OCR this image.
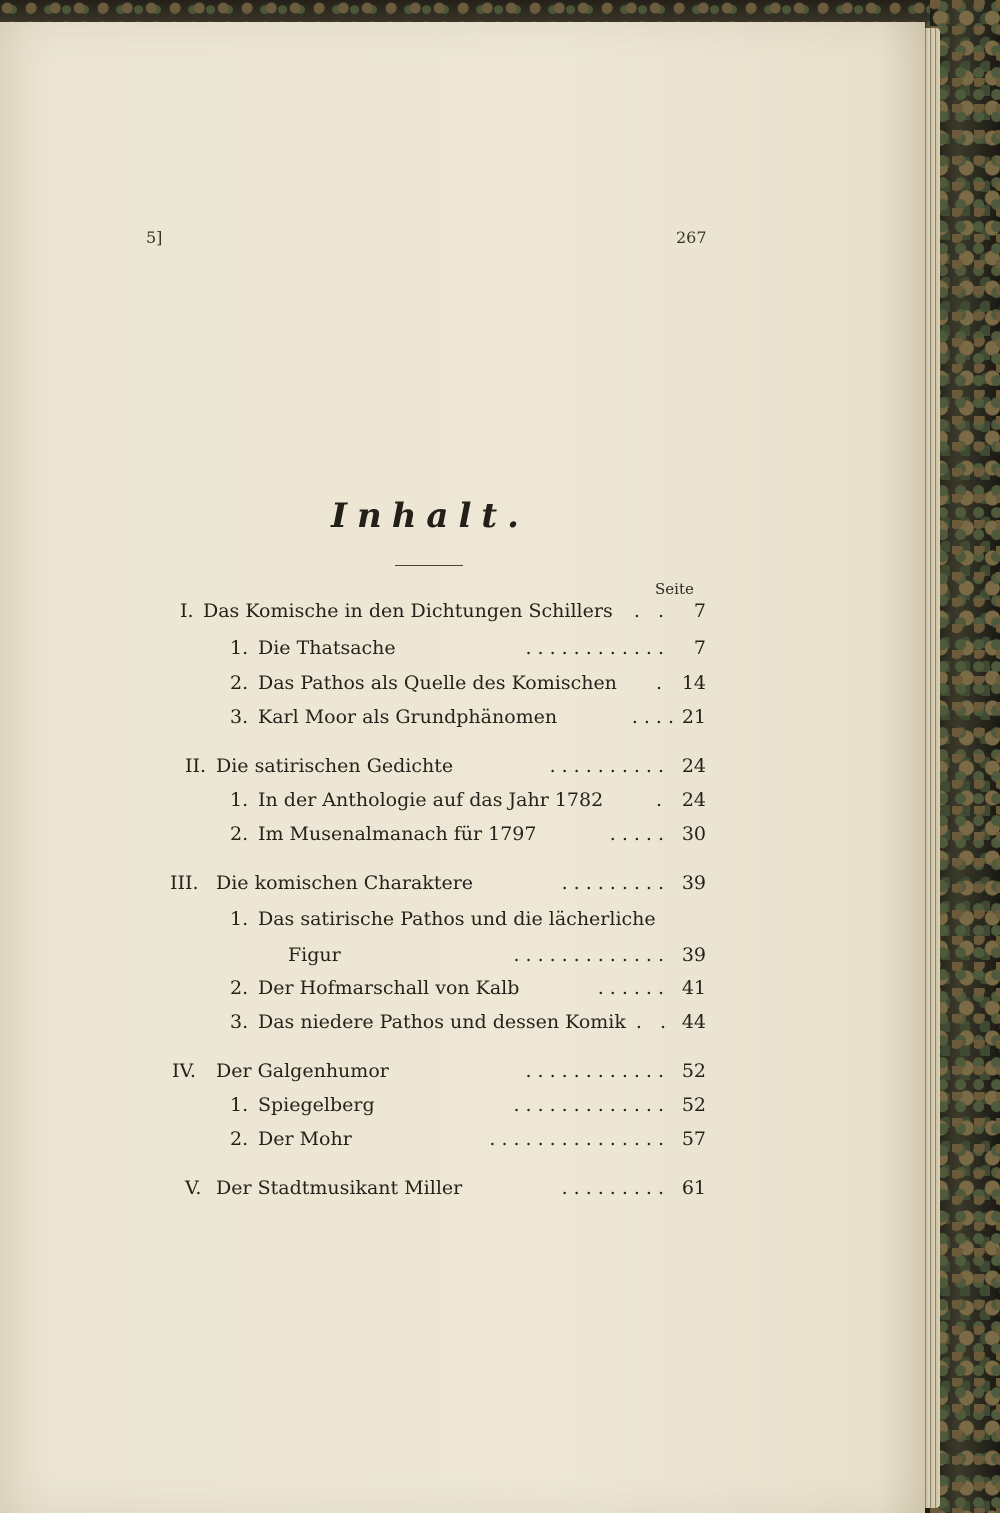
5]	267

Inhalt.

Seite

I. Das Komische in den Dichtungen Schillers	. . 7
1. Die Thatsache	............ 7
2. Das Pathos als Quelle des Komischen	. 14
3. Karl Moor als Grundphänomen	.... 21
II. Die satirischen Gedichte	.......... 24
1. In der Anthologie auf das Jahr 1782	. 24
2. Im Musenalmanach für 1797	..... 30
III. Die komischen Charaktere	......... 39
1. Das satirische Pathos und die lächerliche
Figur	............. 39
2. Der Hofmarschall von Kalb	...... 41
3. Das niedere Pathos und dessen Komik . . 44
IV. Der Galgenhumor	............ 52
1. Spiegelberg	............. 52
2. Der Mohr	............... 57
V. Der Stadtmusikant Miller	......... 61
